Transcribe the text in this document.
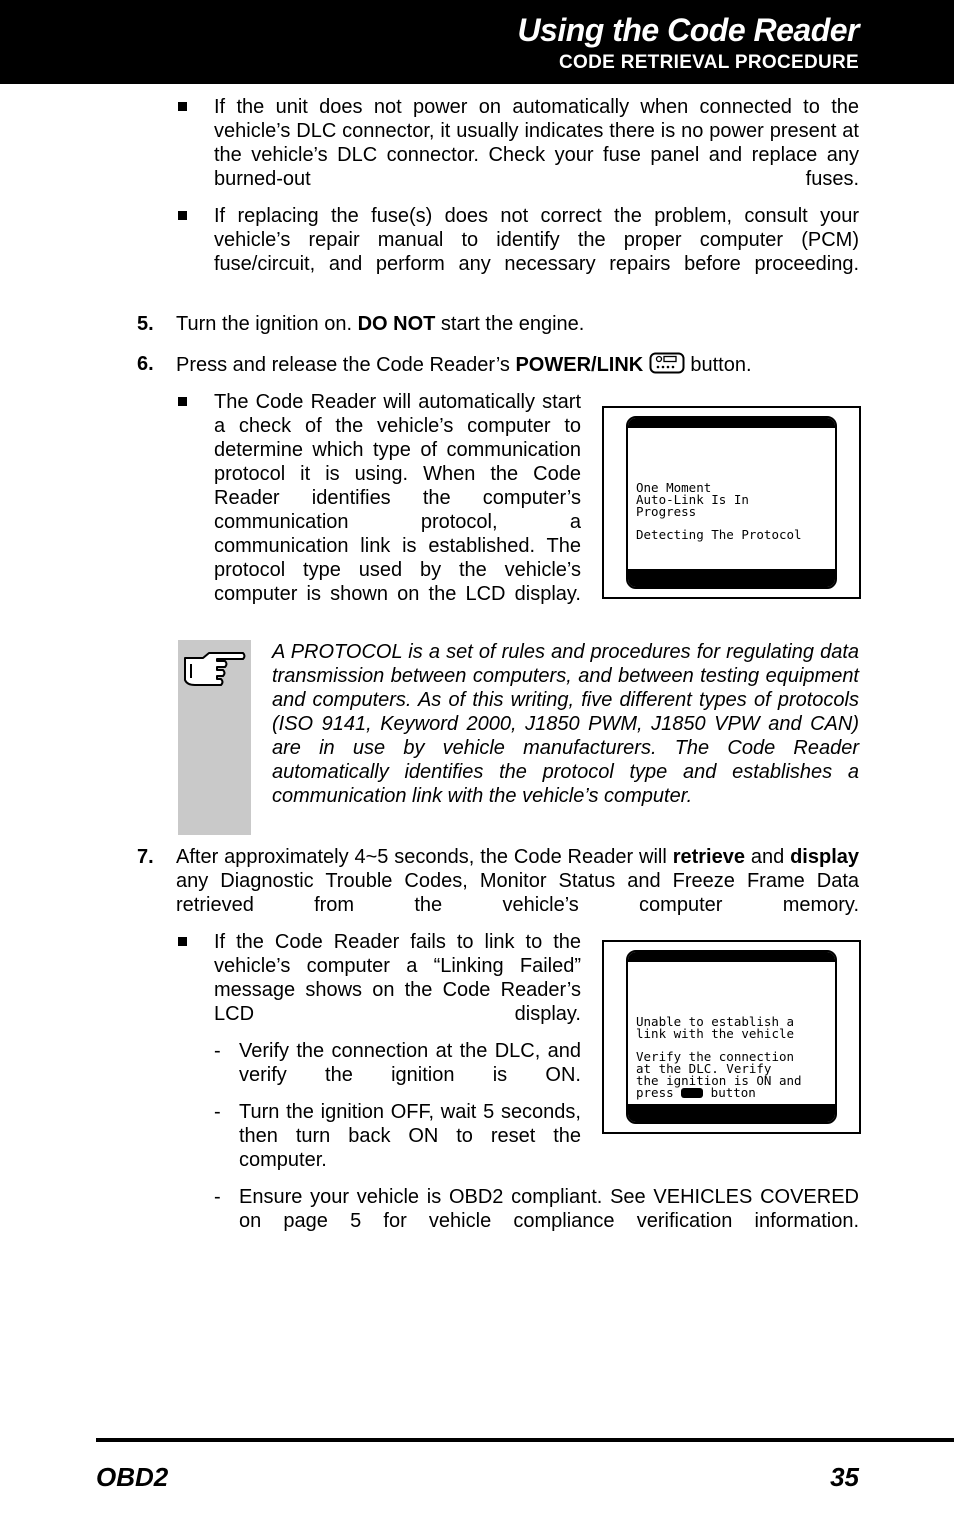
Using the Code Reader
CODE RETRIEVAL PROCEDURE
If the unit does not power on automatically when connected to the vehicle’s DLC connector, it usually indicates there is no power present at the vehicle’s DLC connector. Check your fuse panel and replace any burned-out fuses.
If replacing the fuse(s) does not correct the problem, consult your vehicle’s repair manual to identify the proper computer (PCM) fuse/circuit, and perform any necessary repairs before proceeding.
5. Turn the ignition on. DO NOT start the engine.
6. Press and release the Code Reader’s POWER/LINK  button.
The Code Reader will automatically start a check of the vehicle’s computer to determine which type of communication protocol it is using. When the Code Reader identifies the computer’s communication protocol, a communication link is established. The protocol type used by the vehicle’s computer is shown on the LCD display.
One Moment
Auto-Link Is In
Progress
Detecting The Protocol
A PROTOCOL is a set of rules and procedures for regulating data transmission between computers, and between testing equipment and computers. As of this writing, five different types of protocols (ISO 9141, Keyword 2000, J1850 PWM, J1850 VPW and CAN) are in use by vehicle manufacturers. The Code Reader automatically identifies the protocol type and establishes a communication link with the vehicle’s computer.
7. After approximately 4~5 seconds, the Code Reader will retrieve and display any Diagnostic Trouble Codes, Monitor Status and Freeze Frame Data retrieved from the vehicle’s computer memory.
If the Code Reader fails to link to the vehicle’s computer a “Linking Failed” message shows on the Code Reader’s LCD display.
- Verify the connection at the DLC, and verify the ignition is ON.
- Turn the ignition OFF, wait 5 seconds, then turn back ON to reset the computer.
- Ensure your vehicle is OBD2 compliant. See VEHICLES COVERED on page 5 for vehicle compliance verification information.
Unable to establish a
link with the vehicle
Verify the connection
at the DLC. Verify
the ignition is ON and
press  button
OBD2	35
